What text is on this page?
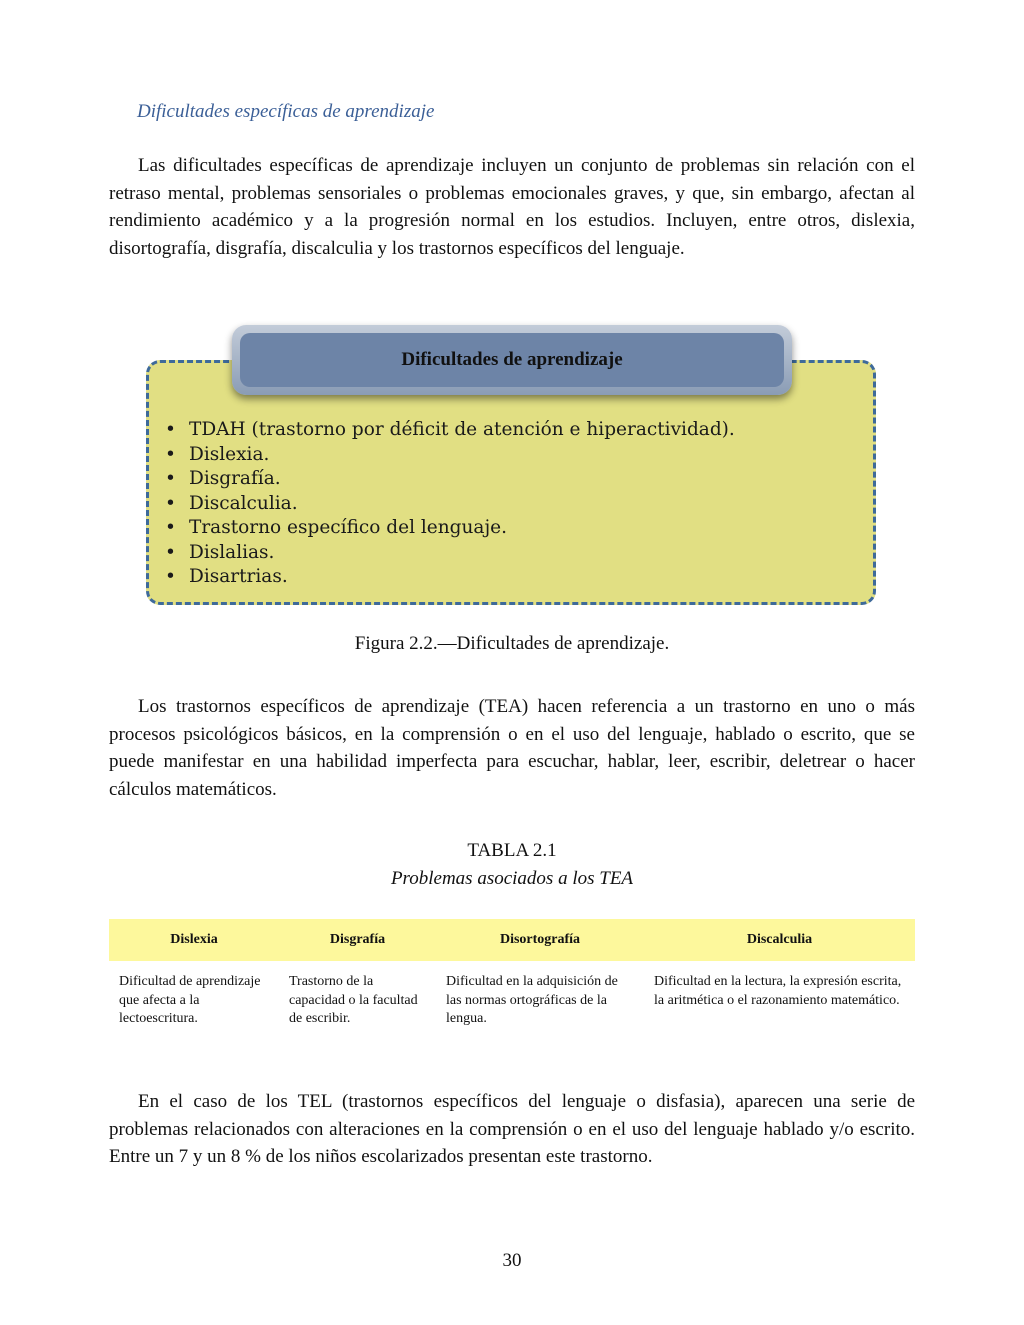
Dificultades específicas de aprendizaje

Las dificultades específicas de aprendizaje incluyen un conjunto de problemas sin relación con el retraso mental, problemas sensoriales o problemas emocionales graves, y que, sin embargo, afectan al rendimiento académico y a la progresión normal en los estudios. Incluyen, entre otros, dislexia, disortografía, disgrafía, discalculia y los trastornos específicos del lenguaje.

Dificultades de aprendizaje
• TDAH (trastorno por déficit de atención e hiperactividad).
• Dislexia.
• Disgrafía.
• Discalculia.
• Trastorno específico del lenguaje.
• Dislalias.
• Disartrias.
Figura 2.2.—Dificultades de aprendizaje.

Los trastornos específicos de aprendizaje (TEA) hacen referencia a un trastorno en uno o más procesos psicológicos básicos, en la comprensión o en el uso del lenguaje, hablado o escrito, que se puede manifestar en una habilidad imperfecta para escuchar, hablar, leer, escribir, deletrear o hacer cálculos matemáticos.

TABLA 2.1
Problemas asociados a los TEA
Dislexia	Disgrafía	Disortografía	Discalculia
Dificultad de aprendizaje que afecta a la lectoescritura.	Trastorno de la capacidad o la facultad de escribir.	Dificultad en la adquisición de las normas ortográficas de la lengua.	Dificultad en la lectura, la expresión escrita, la aritmética o el razonamiento matemático.

En el caso de los TEL (trastornos específicos del lenguaje o disfasia), aparecen una serie de problemas relacionados con alteraciones en la comprensión o en el uso del lenguaje hablado y/o escrito. Entre un 7 y un 8 % de los niños escolarizados presentan este trastorno.

30
